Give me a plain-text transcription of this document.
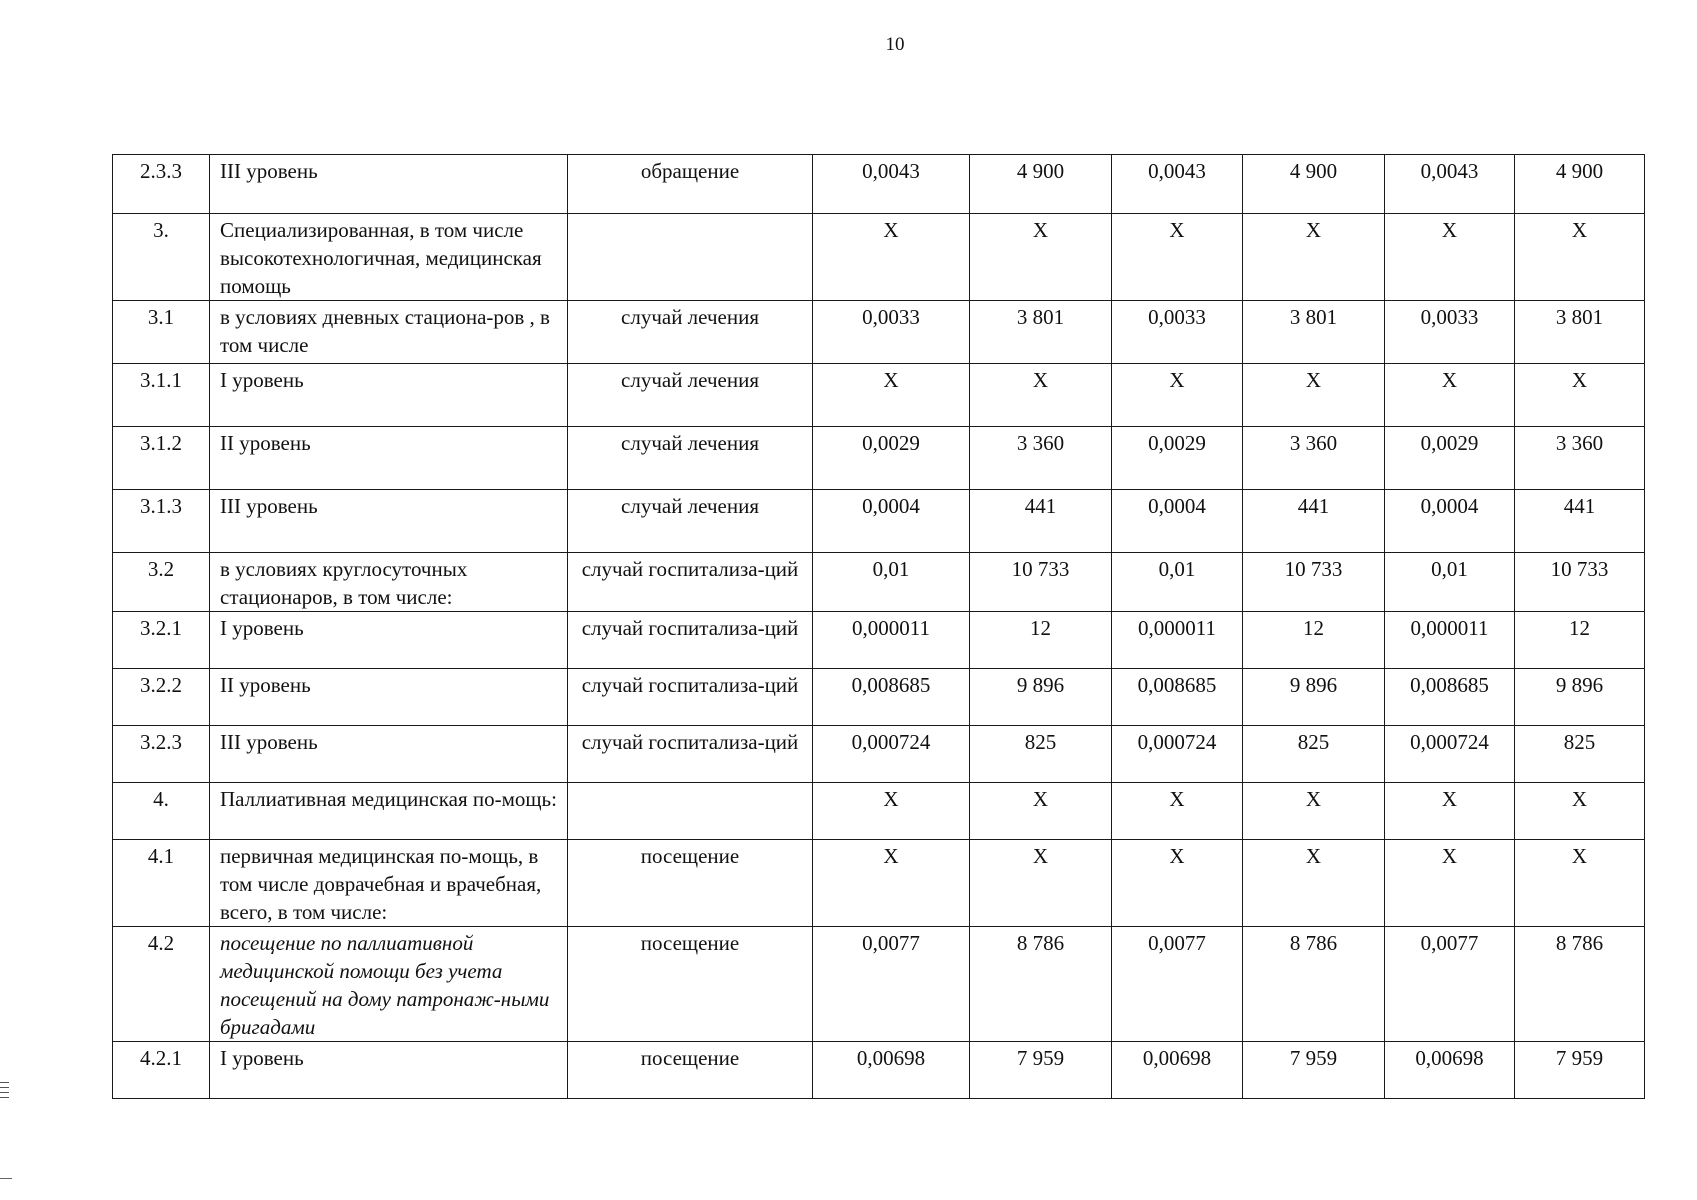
10
2.3.3	III уровень	обращение	0,0043	4 900	0,0043	4 900	0,0043	4 900
3.	Специализированная, в том числе высокотехнологичная, медицинская помощь		X	X	X	X	X	X
3.1	в условиях дневных стациона-ров , в том числе	случай лечения	0,0033	3 801	0,0033	3 801	0,0033	3 801
3.1.1	I уровень	случай лечения	X	X	X	X	X	X
3.1.2	II уровень	случай лечения	0,0029	3 360	0,0029	3 360	0,0029	3 360
3.1.3	III уровень	случай лечения	0,0004	441	0,0004	441	0,0004	441
3.2	в условиях круглосуточных стационаров, в том числе:	случай госпитализа-ций	0,01	10 733	0,01	10 733	0,01	10 733
3.2.1	I уровень	случай госпитализа-ций	0,000011	12	0,000011	12	0,000011	12
3.2.2	II уровень	случай госпитализа-ций	0,008685	9 896	0,008685	9 896	0,008685	9 896
3.2.3	III уровень	случай госпитализа-ций	0,000724	825	0,000724	825	0,000724	825
4.	Паллиативная медицинская по-мощь:		X	X	X	X	X	X
4.1	первичная медицинская по-мощь, в том числе доврачебная и врачебная, всего, в том числе:	посещение	X	X	X	X	X	X
4.2	посещение по паллиативной медицинской помощи без учета посещений на дому патронаж-ными бригадами	посещение	0,0077	8 786	0,0077	8 786	0,0077	8 786
4.2.1	I уровень	посещение	0,00698	7 959	0,00698	7 959	0,00698	7 959
